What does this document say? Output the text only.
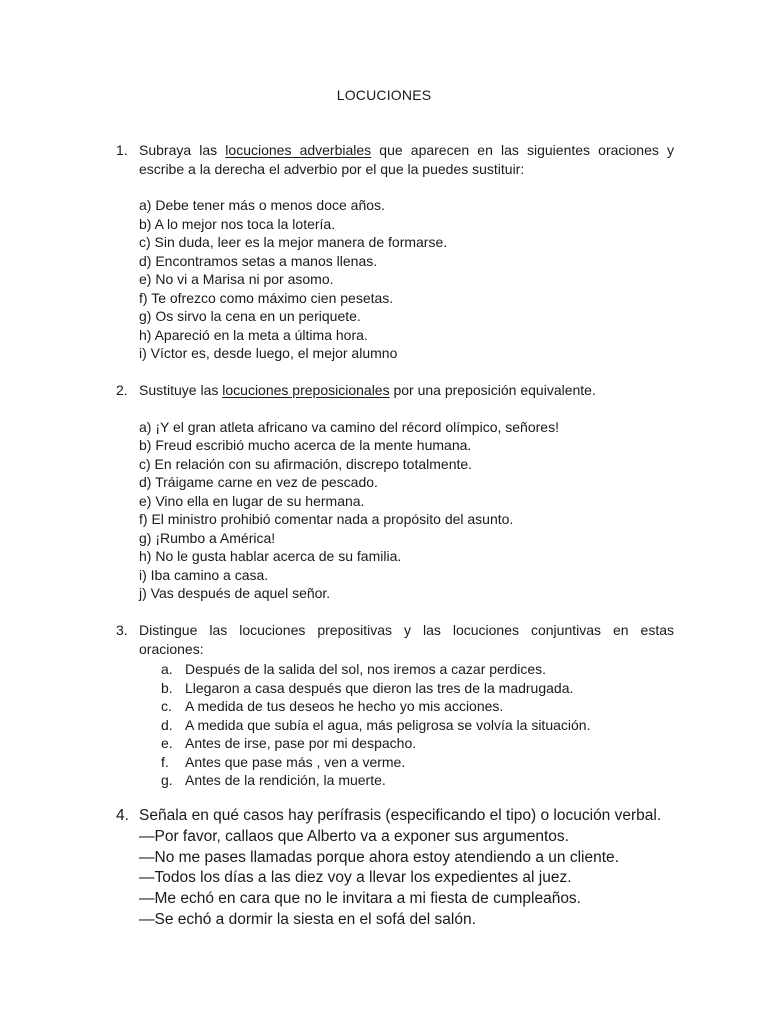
LOCUCIONES
1. Subraya las locuciones adverbiales que aparecen en las siguientes oraciones y
escribe a la derecha el adverbio por el que la puedes sustituir:
a) Debe tener más o menos doce años.
b) A lo mejor nos toca la lotería.
c) Sin duda, leer es la mejor manera de formarse.
d) Encontramos setas a manos llenas.
e) No vi a Marisa ni por asomo.
f) Te ofrezco como máximo cien pesetas.
g) Os sirvo la cena en un periquete.
h) Apareció en la meta a última hora.
i) Víctor es, desde luego, el mejor alumno
2. Sustituye las locuciones preposicionales por una preposición equivalente.
a) ¡Y el gran atleta africano va camino del récord olímpico, señores!
b) Freud escribió mucho acerca de la mente humana.
c) En relación con su afirmación, discrepo totalmente.
d) Tráigame carne en vez de pescado.
e) Vino ella en lugar de su hermana.
f) El ministro prohibió comentar nada a propósito del asunto.
g) ¡Rumbo a América!
h) No le gusta hablar acerca de su familia.
i) Iba camino a casa.
j) Vas después de aquel señor.
3. Distingue las locuciones prepositivas y las locuciones conjuntivas en estas
oraciones:
a. Después de la salida del sol, nos iremos a cazar perdices.
b. Llegaron a casa después que dieron las tres de la madrugada.
c. A medida de tus deseos he hecho yo mis acciones.
d. A medida que subía el agua, más peligrosa se volvía la situación.
e. Antes de irse, pase por mi despacho.
f. Antes que pase más , ven a verme.
g. Antes de la rendición, la muerte.
4. Señala en qué casos hay perífrasis (especificando el tipo) o locución verbal.
—Por favor, callaos que Alberto va a exponer sus argumentos.
—No me pases llamadas porque ahora estoy atendiendo a un cliente.
—Todos los días a las diez voy a llevar los expedientes al juez.
—Me echó en cara que no le invitara a mi fiesta de cumpleaños.
—Se echó a dormir la siesta en el sofá del salón.
